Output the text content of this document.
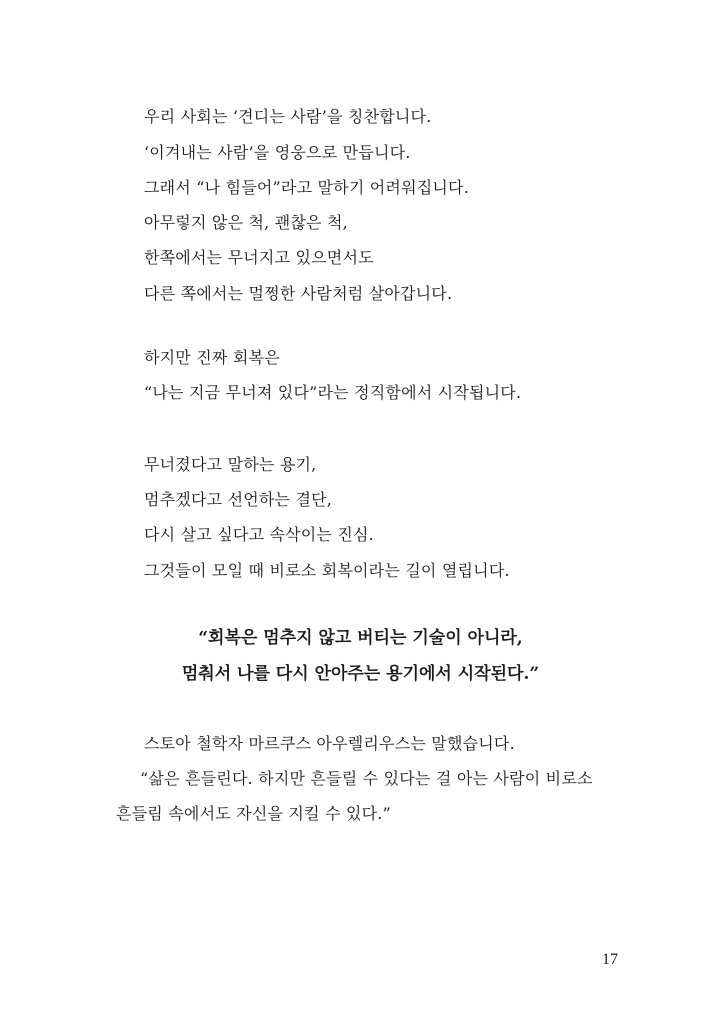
우리 사회는 ‘견디는 사람’을 칭찬합니다.
‘이겨내는 사람’을 영웅으로 만듭니다.
그래서 “나 힘들어”라고 말하기 어려워집니다.
아무렇지 않은 척, 괜찮은 척,
한쪽에서는 무너지고 있으면서도
다른 쪽에서는 멀쩡한 사람처럼 살아갑니다.
하지만 진짜 회복은
“나는 지금 무너져 있다”라는 정직함에서 시작됩니다.
무너졌다고 말하는 용기,
멈추겠다고 선언하는 결단,
다시 살고 싶다고 속삭이는 진심.
그것들이 모일 때 비로소 회복이라는 길이 열립니다.
“회복은 멈추지 않고 버티는 기술이 아니라,
멈춰서 나를 다시 안아주는 용기에서 시작된다.”
스토아 철학자 마르쿠스 아우렐리우스는 말했습니다.
“삶은 흔들린다. 하지만 흔들릴 수 있다는 걸 아는 사람이 비로소
흔들림 속에서도 자신을 지킬 수 있다.”
17
